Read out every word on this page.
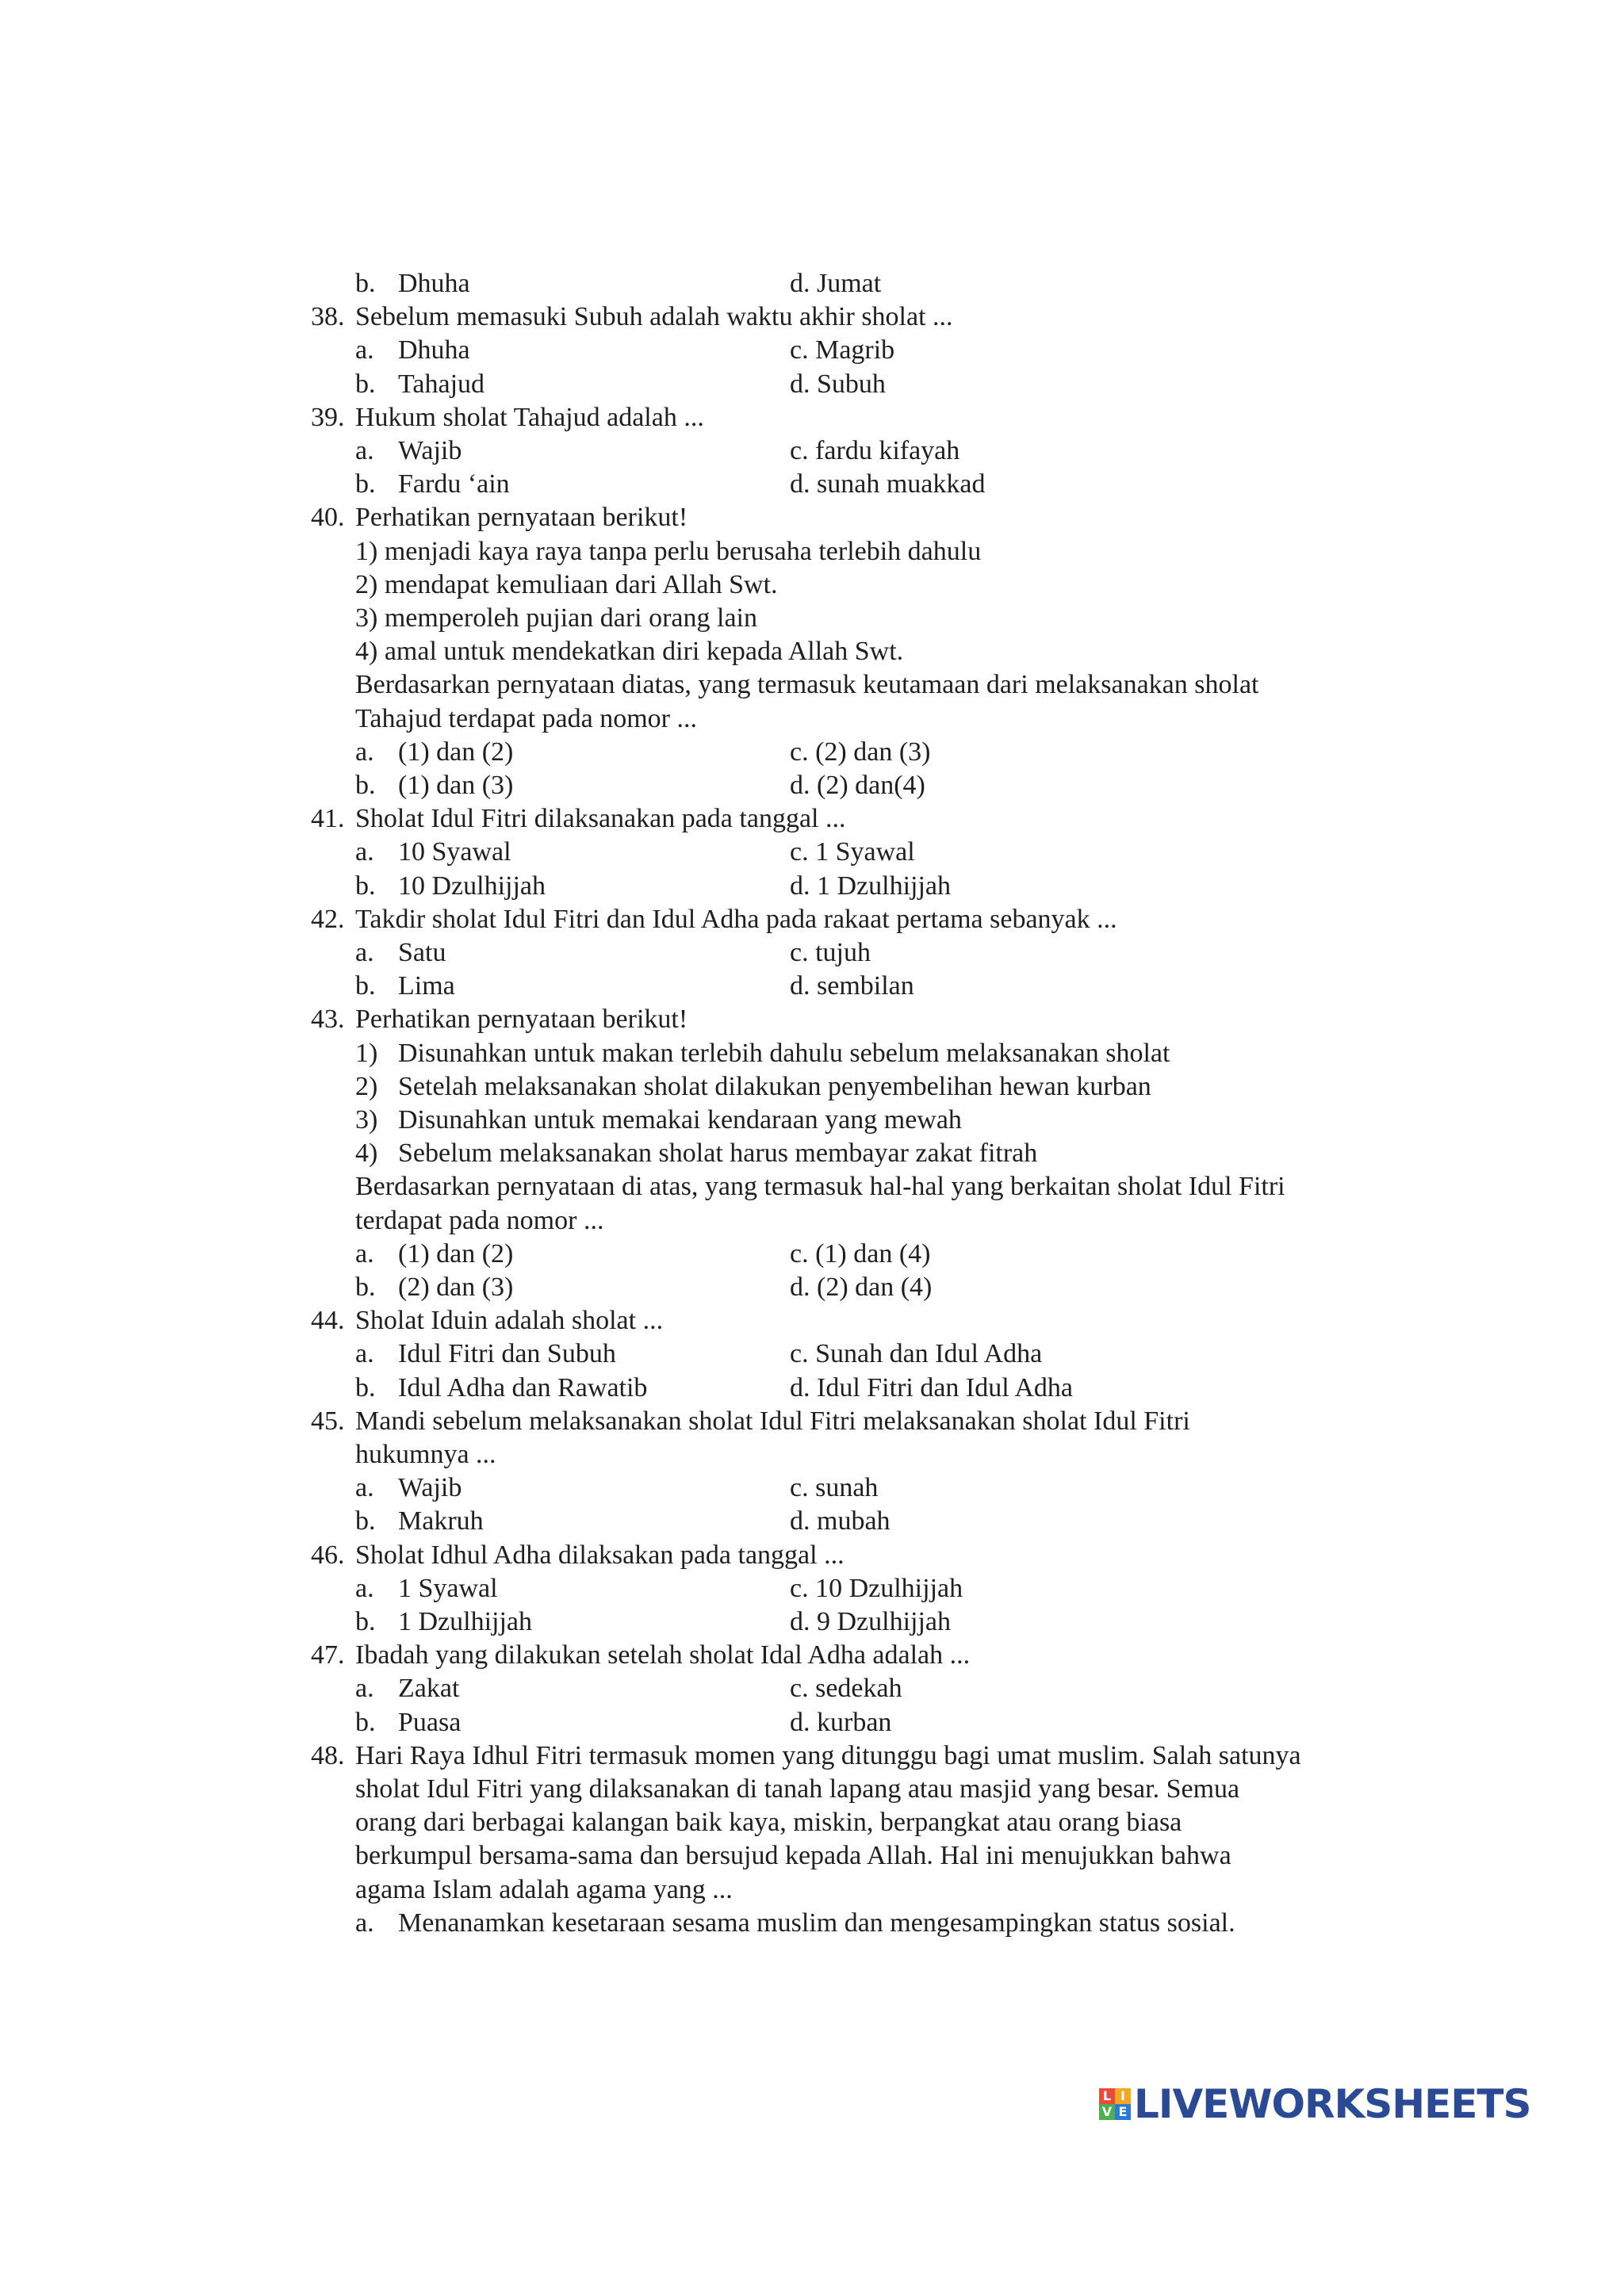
b. Dhuha	d. Jumat
38. Sebelum memasuki Subuh adalah waktu akhir sholat ...
a. Dhuha	c. Magrib
b. Tahajud	d. Subuh
39. Hukum sholat Tahajud adalah ...
a. Wajib	c. fardu kifayah
b. Fardu ‘ain	d. sunah muakkad
40. Perhatikan pernyataan berikut!
1) menjadi kaya raya tanpa perlu berusaha terlebih dahulu
2) mendapat kemuliaan dari Allah Swt.
3) memperoleh pujian dari orang lain
4) amal untuk mendekatkan diri kepada Allah Swt.
Berdasarkan pernyataan diatas, yang termasuk keutamaan dari melaksanakan sholat
Tahajud terdapat pada nomor ...
a. (1) dan (2)	c. (2) dan (3)
b. (1) dan (3)	d. (2) dan(4)
41. Sholat Idul Fitri dilaksanakan pada tanggal ...
a. 10 Syawal	c. 1 Syawal
b. 10 Dzulhijjah	d. 1 Dzulhijjah
42. Takdir sholat Idul Fitri dan Idul Adha pada rakaat pertama sebanyak ...
a. Satu	c. tujuh
b. Lima	d. sembilan
43. Perhatikan pernyataan berikut!
1) Disunahkan untuk makan terlebih dahulu sebelum melaksanakan sholat
2) Setelah melaksanakan sholat dilakukan penyembelihan hewan kurban
3) Disunahkan untuk memakai kendaraan yang mewah
4) Sebelum melaksanakan sholat harus membayar zakat fitrah
Berdasarkan pernyataan di atas, yang termasuk hal-hal yang berkaitan sholat Idul Fitri
terdapat pada nomor ...
a. (1) dan (2)	c. (1) dan (4)
b. (2) dan (3)	d. (2) dan (4)
44. Sholat Iduin adalah sholat ...
a. Idul Fitri dan Subuh	c. Sunah dan Idul Adha
b. Idul Adha dan Rawatib	d. Idul Fitri dan Idul Adha
45. Mandi sebelum melaksanakan sholat Idul Fitri melaksanakan sholat Idul Fitri
hukumnya ...
a. Wajib	c. sunah
b. Makruh	d. mubah
46. Sholat Idhul Adha dilaksakan pada tanggal ...
a. 1 Syawal	c. 10 Dzulhijjah
b. 1 Dzulhijjah	d. 9 Dzulhijjah
47. Ibadah yang dilakukan setelah sholat Idal Adha adalah ...
a. Zakat	c. sedekah
b. Puasa	d. kurban
48. Hari Raya Idhul Fitri termasuk momen yang ditunggu bagi umat muslim. Salah satunya
sholat Idul Fitri yang dilaksanakan di tanah lapang atau masjid yang besar. Semua
orang dari berbagai kalangan baik kaya, miskin, berpangkat atau orang biasa
berkumpul bersama-sama dan bersujud kepada Allah. Hal ini menujukkan bahwa
agama Islam adalah agama yang ...
a. Menanamkan kesetaraan sesama muslim dan mengesampingkan status sosial.
L I
V E LIVEWORKSHEETS
